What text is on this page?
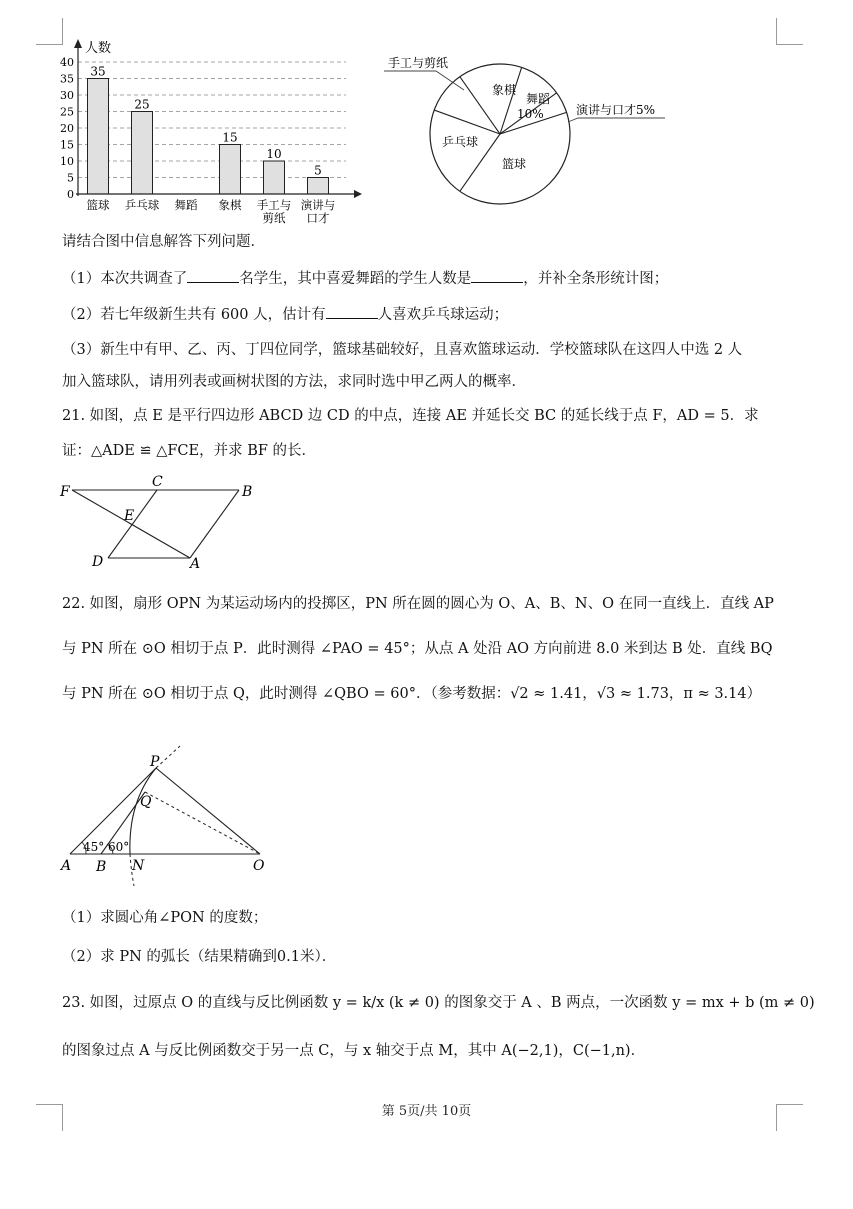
0
5
10
15
20
25
30
35
40
35
25
15
10
5
篮球 乒乓球 舞蹈 象棋 手工与
剪纸
演讲与
口才
人数
手工与剪纸
象棋
舞蹈
10%	演讲与口才5%
乒乓球
篮球
请结合图中信息解答下列问题．
（1）本次共调查了	名学生，其中喜爱舞蹈的学生人数是	，并补全条形统计图；
（2）若七年级新生共有 600 人，估计有	人喜欢乒乓球运动；
（3）新生中有甲、乙、丙、丁四位同学，篮球基础较好，且喜欢篮球运动．学校篮球队在这四人中选 2 人
加入篮球队，请用列表或画树状图的方法，求同时选中甲乙两人的概率．
21. 如图，点 E 是平行四边形 ABCD 边 CD 的中点，连接 AE 并延长交 BC 的延长线于点 F，AD = 5．求
证：△ADE ≌ △FCE，并求 BF 的长．
F
C
B
E
D	A
22. 如图，扇形 OPN 为某运动场内的投掷区，PN 所在圆的圆心为 O、A、B、N、O 在同一直线上．直线 AP
与 PN 所在 ⊙O 相切于点 P．此时测得 ∠PAO = 45°；从点 A 处沿 AO 方向前进 8.0 米到达 B 处．直线 BQ
与 PN 所在 ⊙O 相切于点 Q，此时测得 ∠QBO = 60°．（参考数据：√2 ≈ 1.41，√3 ≈ 1.73，π ≈ 3.14）
P
Q
A B N	O
45° 60°
（1）求圆心角∠PON 的度数；
（2）求 PN 的弧长（结果精确到0.1米）．
23. 如图，过原点 O 的直线与反比例函数 y = k/x (k ≠ 0) 的图象交于 A 、B 两点，一次函数 y = mx + b (m ≠ 0)
的图象过点 A 与反比例函数交于另一点 C，与 x 轴交于点 M，其中 A(−2,1)，C(−1,n)．
第 5页/共 10页
